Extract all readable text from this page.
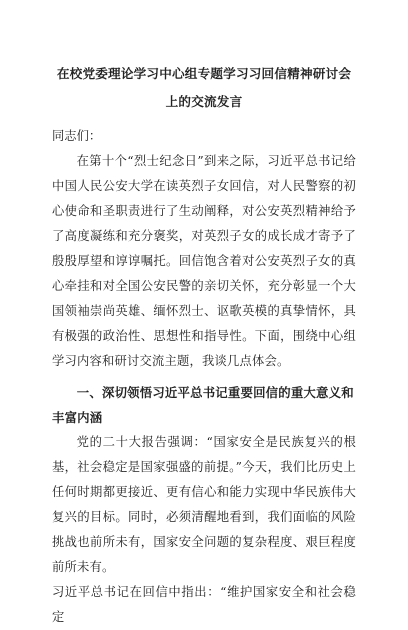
在校党委理论学习中心组专题学习习回信精神研讨会上的交流发言

同志们：

在第十个“烈士纪念日”到来之际，习近平总书记给中国人民公安大学在读英烈子女回信，对人民警察的初心使命和圣职责进行了生动阐释，对公安英烈精神给予了高度凝练和充分褒奖，对英烈子女的成长成才寄予了殷殷厚望和谆谆嘱托。回信饱含着对公安英烈子女的真心牵挂和对全国公安民警的亲切关怀，充分彰显一个大国领袖崇尚英雄、缅怀烈士、讴歌英模的真挚情怀，具有极强的政治性、思想性和指导性。下面，围绕中心组学习内容和研讨交流主题，我谈几点体会。

一、深切领悟习近平总书记重要回信的重大意义和丰富内涵

党的二十大报告强调：“国家安全是民族复兴的根基，社会稳定是国家强盛的前提。”今天，我们比历史上任何时期都更接近、更有信心和能力实现中华民族伟大复兴的目标。同时，必须清醒地看到，我们面临的风险挑战也前所未有，国家安全问题的复杂程度、艰巨程度前所未有。

习近平总书记在回信中指出：“维护国家安全和社会稳定
